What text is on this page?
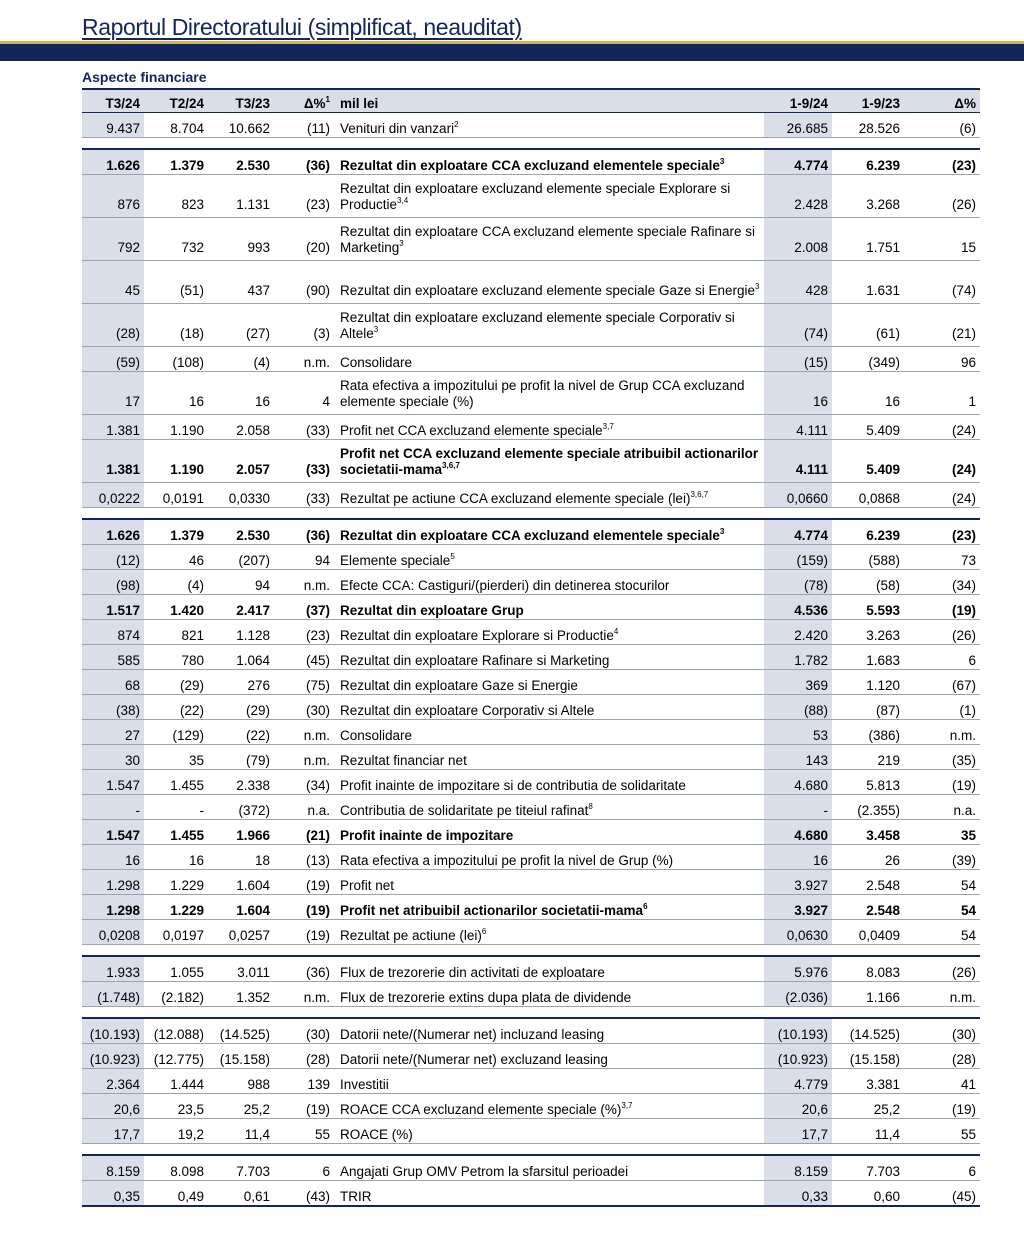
Raportul Directoratului (simplificat, neauditat)
Aspecte financiare
T3/24	T2/24	T3/23	Δ%$^1$	mil lei	1-9/24	1-9/23	Δ%
9.437	8.704	10.662	(11)	Venituri din vanzari$^2$	26.685	28.526	(6)

1.626	1.379	2.530	(36)	Rezultat din exploatare CCA excluzand elementele speciale$^3$	4.774	6.239	(23)
876	823	1.131	(23)	Rezultat din exploatare excluzand elemente speciale Explorare si Productie$^{3,4}$	2.428	3.268	(26)
792	732	993	(20)	Rezultat din exploatare CCA excluzand elemente speciale Rafinare si Marketing$^3$	2.008	1.751	15
45	(51)	437	(90)	Rezultat din exploatare excluzand elemente speciale Gaze si Energie$^3$	428	1.631	(74)
(28)	(18)	(27)	(3)	Rezultat din exploatare excluzand elemente speciale Corporativ si Altele$^3$	(74)	(61)	(21)
(59)	(108)	(4)	n.m.	Consolidare	(15)	(349)	96
17	16	16	4	Rata efectiva a impozitului pe profit la nivel de Grup CCA excluzand elemente speciale (%)	16	16	1
1.381	1.190	2.058	(33)	Profit net CCA excluzand elemente speciale$^{3,7}$	4.111	5.409	(24)
1.381	1.190	2.057	(33)	Profit net CCA excluzand elemente speciale atribuibil actionarilor societatii-mama$^{3,6,7}$	4.111	5.409	(24)
0,0222	0,0191	0,0330	(33)	Rezultat pe actiune CCA excluzand elemente speciale (lei)$^{3,6,7}$	0,0660	0,0868	(24)

1.626	1.379	2.530	(36)	Rezultat din exploatare CCA excluzand elementele speciale$^3$	4.774	6.239	(23)
(12)	46	(207)	94	Elemente speciale$^5$	(159)	(588)	73
(98)	(4)	94	n.m.	Efecte CCA: Castiguri/(pierderi) din detinerea stocurilor	(78)	(58)	(34)
1.517	1.420	2.417	(37)	Rezultat din exploatare Grup	4.536	5.593	(19)
874	821	1.128	(23)	Rezultat din exploatare Explorare si Productie$^4$	2.420	3.263	(26)
585	780	1.064	(45)	Rezultat din exploatare Rafinare si Marketing	1.782	1.683	6
68	(29)	276	(75)	Rezultat din exploatare Gaze si Energie	369	1.120	(67)
(38)	(22)	(29)	(30)	Rezultat din exploatare Corporativ si Altele	(88)	(87)	(1)
27	(129)	(22)	n.m.	Consolidare	53	(386)	n.m.
30	35	(79)	n.m.	Rezultat financiar net	143	219	(35)
1.547	1.455	2.338	(34)	Profit inainte de impozitare si de contributia de solidaritate	4.680	5.813	(19)
-	-	(372)	n.a.	Contributia de solidaritate pe titeiul rafinat$^8$	-	(2.355)	n.a.
1.547	1.455	1.966	(21)	Profit inainte de impozitare	4.680	3.458	35
16	16	18	(13)	Rata efectiva a impozitului pe profit la nivel de Grup (%)	16	26	(39)
1.298	1.229	1.604	(19)	Profit net	3.927	2.548	54
1.298	1.229	1.604	(19)	Profit net atribuibil actionarilor societatii-mama$^6$	3.927	2.548	54
0,0208	0,0197	0,0257	(19)	Rezultat pe actiune (lei)$^6$	0,0630	0,0409	54

1.933	1.055	3.011	(36)	Flux de trezorerie din activitati de exploatare	5.976	8.083	(26)
(1.748)	(2.182)	1.352	n.m.	Flux de trezorerie extins dupa plata de dividende	(2.036)	1.166	n.m.

(10.193)	(12.088)	(14.525)	(30)	Datorii nete/(Numerar net) incluzand leasing	(10.193)	(14.525)	(30)
(10.923)	(12.775)	(15.158)	(28)	Datorii nete/(Numerar net) excluzand leasing	(10.923)	(15.158)	(28)
2.364	1.444	988	139	Investitii	4.779	3.381	41
20,6	23,5	25,2	(19)	ROACE CCA excluzand elemente speciale (%)$^{3,7}$	20,6	25,2	(19)
17,7	19,2	11,4	55	ROACE (%)	17,7	11,4	55

8.159	8.098	7.703	6	Angajati Grup OMV Petrom la sfarsitul perioadei	8.159	7.703	6
0,35	0,49	0,61	(43)	TRIR	0,33	0,60	(45)
